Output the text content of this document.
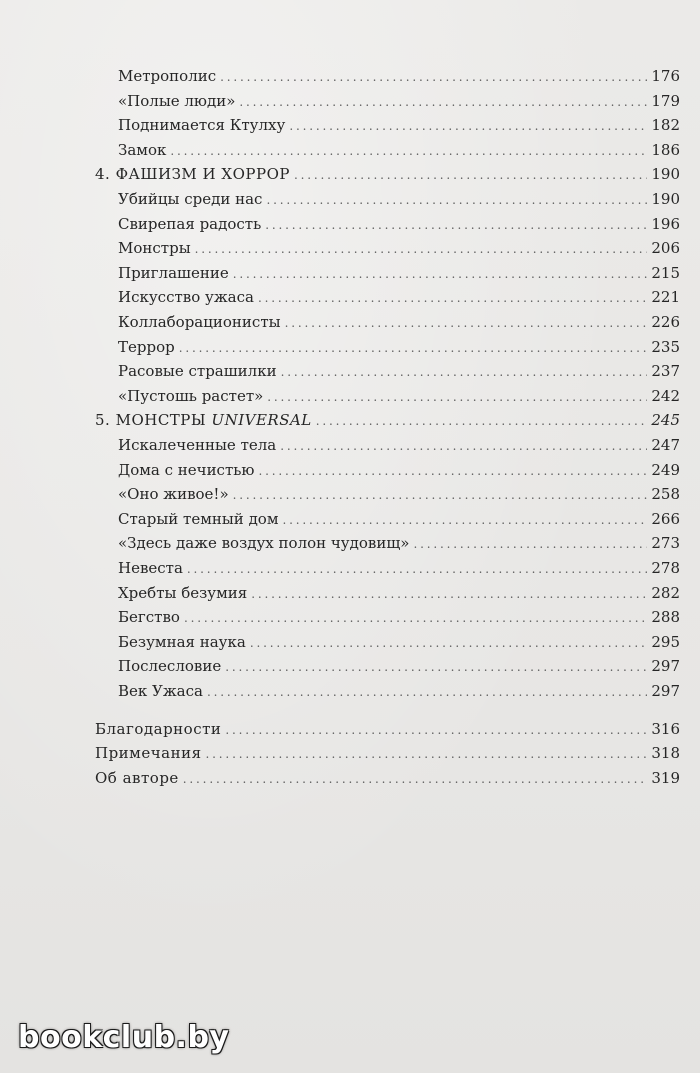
Метрополис . . .	176
«Полые люди» . . .	179
Поднимается Ктулху . . .	182
Замок . . .	186
4. ФАШИЗМ И ХОРРОР . . .	190
Убийцы среди нас . . .	190
Свирепая радость . . .	196
Монстры . . .	206
Приглашение . . .	215
Искусство ужаса . . .	221
Коллаборационисты . . .	226
Террор . . .	235
Расовые страшилки . . .	237
«Пустошь растет» . . .	242
5. МОНСТРЫ UNIVERSAL . . .	245
Искалеченные тела . . .	247
Дома с нечистью . . .	249
«Оно живое!» . . .	258
Старый темный дом . . .	266
«Здесь даже воздух полон чудовищ» . . .	273
Невеста . . .	278
Хребты безумия . . .	282
Бегство . . .	288
Безумная наука . . .	295
Послесловие . . .	297
Век Ужаса . . .	297
Благодарности . . .	316
Примечания . . .	318
Об авторе . . .	319
bookclub.by
